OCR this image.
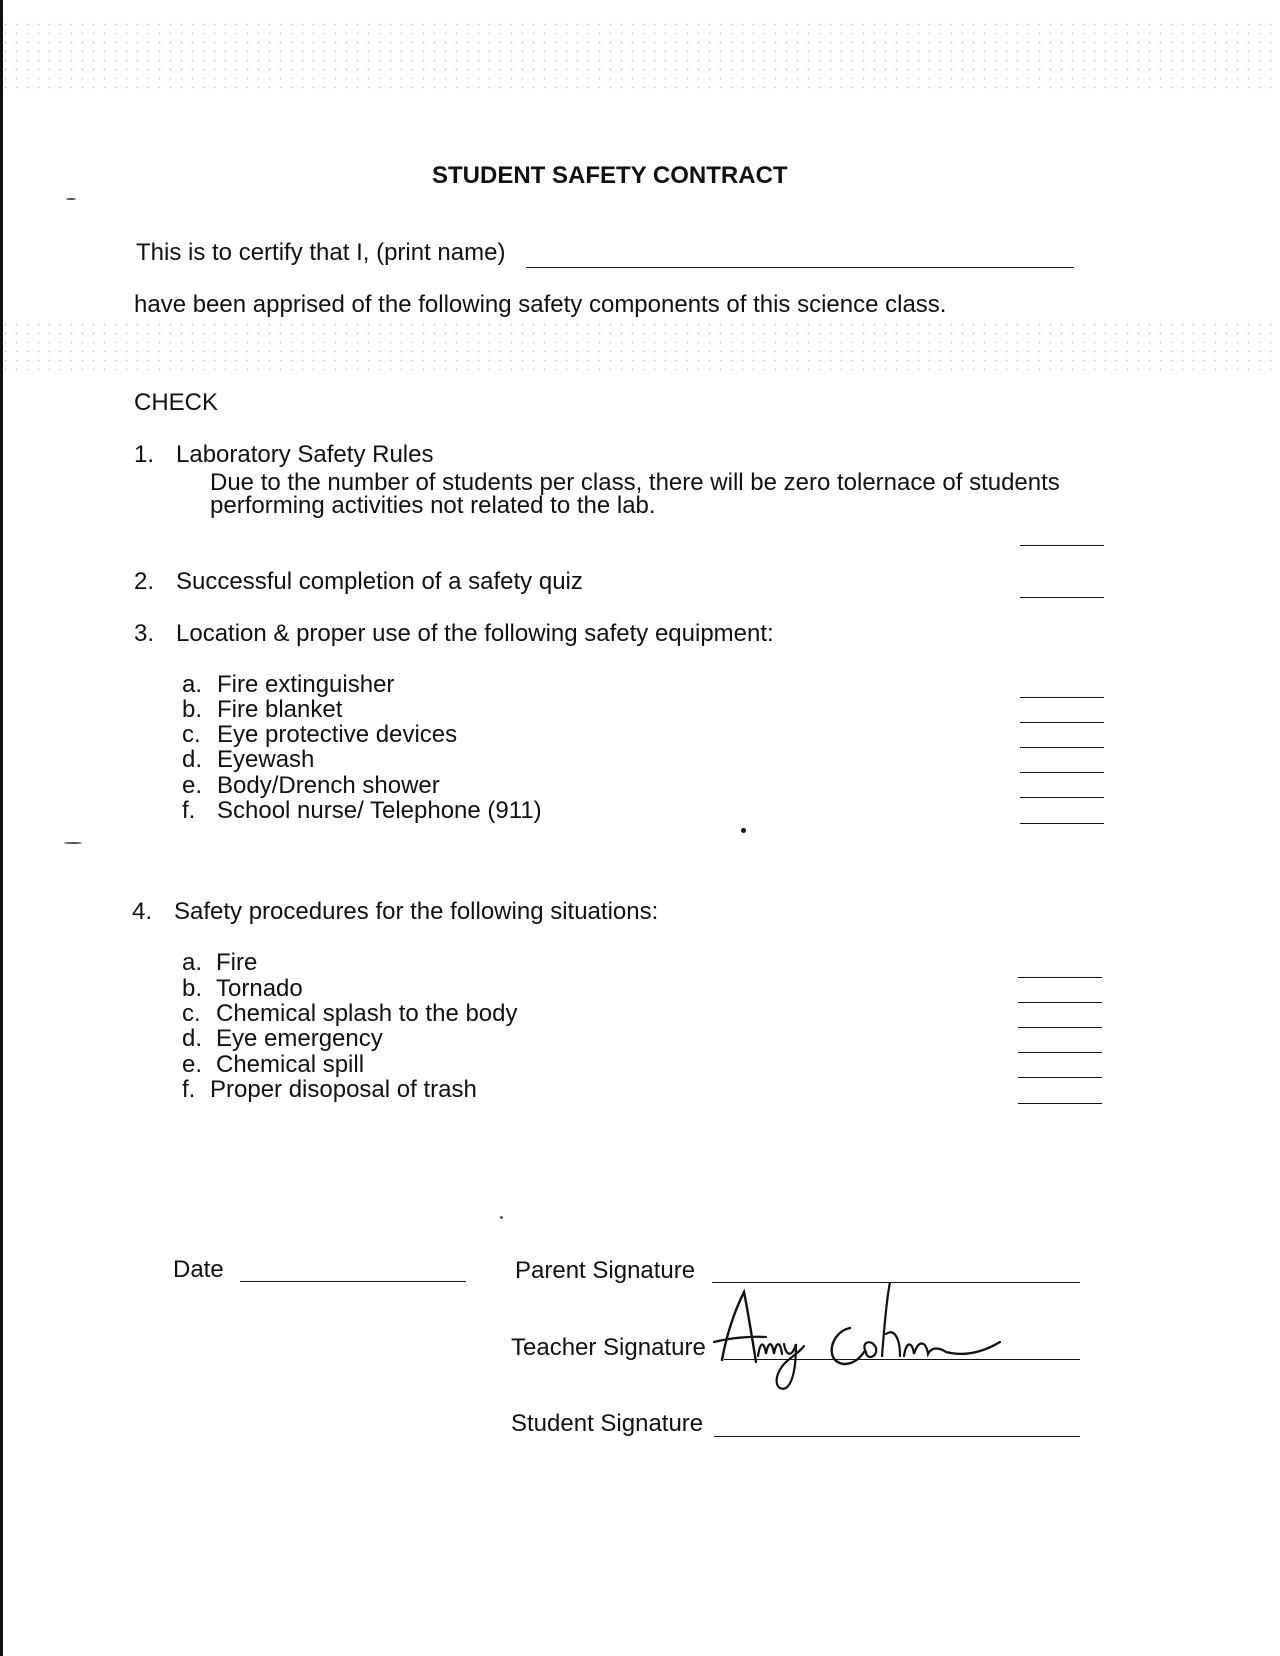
STUDENT SAFETY CONTRACT
This is to certify that I, (print name)
have been apprised of the following safety components of this science class.
CHECK
1. Laboratory Safety Rules
Due to the number of students per class, there will be zero tolernace of students
performing activities not related to the lab.
2. Successful completion of a safety quiz
3. Location & proper use of the following safety equipment:
a. Fire extinguisher
b. Fire blanket
c. Eye protective devices
d. Eyewash
e. Body/Drench shower
f. School nurse/ Telephone (911)
4. Safety procedures for the following situations:
a. Fire
b. Tornado
c. Chemical splash to the body
d. Eye emergency
e. Chemical spill
f. Proper disoposal of trash
Date	Parent Signature
Teacher Signature
Student Signature
